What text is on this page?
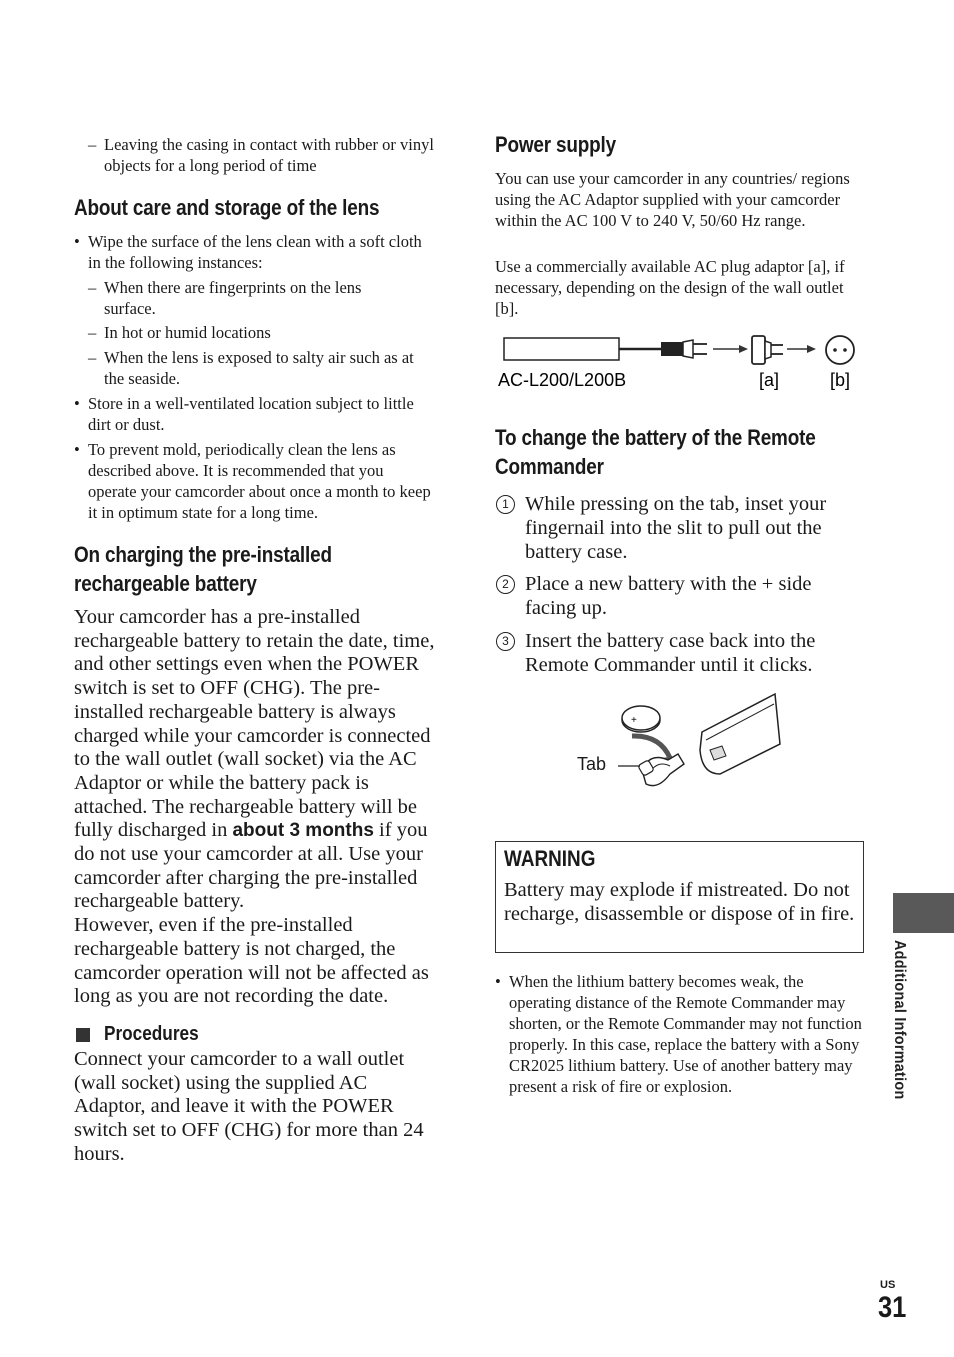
– Leaving the casing in contact with rubber or vinyl objects for a long period of time
About care and storage of the lens
• Wipe the surface of the lens clean with a soft cloth in the following instances:
– When there are fingerprints on the lens surface.
– In hot or humid locations
– When the lens is exposed to salty air such as at the seaside.
• Store in a well-ventilated location subject to little dirt or dust.
• To prevent mold, periodically clean the lens as described above. It is recommended that you operate your camcorder about once a month to keep it in optimum state for a long time.
On charging the pre-installed rechargeable battery

Your camcorder has a pre-installed rechargeable battery to retain the date, time, and other settings even when the POWER switch is set to OFF (CHG). The pre-installed rechargeable battery is always charged while your camcorder is connected to the wall outlet (wall socket) via the AC Adaptor or while the battery pack is attached. The rechargeable battery will be fully discharged in about 3 months if you do not use your camcorder at all. Use your camcorder after charging the pre-installed rechargeable battery.
However, even if the pre-installed rechargeable battery is not charged, the camcorder operation will not be affected as long as you are not recording the date.

Procedures

Connect your camcorder to a wall outlet (wall socket) using the supplied AC Adaptor, and leave it with the POWER switch set to OFF (CHG) for more than 24 hours.

Power supply

You can use your camcorder in any countries/ regions using the AC Adaptor supplied with your camcorder within the AC 100 V to 240 V, 50/60 Hz range.

Use a commercially available AC plug adaptor [a], if necessary, depending on the design of the wall outlet [b].

AC-L200/L200B	[a]	[b]
To change the battery of the Remote Commander
1 While pressing on the tab, inset your fingernail into the slit to pull out the battery case.
2 Place a new battery with the + side facing up.
3 Insert the battery case back into the Remote Commander until it clicks.
+
Tab
WARNING
Battery may explode if mistreated. Do not recharge, disassemble or dispose of in fire.
• When the lithium battery becomes weak, the operating distance of the Remote Commander may shorten, or the Remote Commander may not function properly. In this case, replace the battery with a Sony CR2025 lithium battery. Use of another battery may present a risk of fire or explosion.	Additional Information
US
31
